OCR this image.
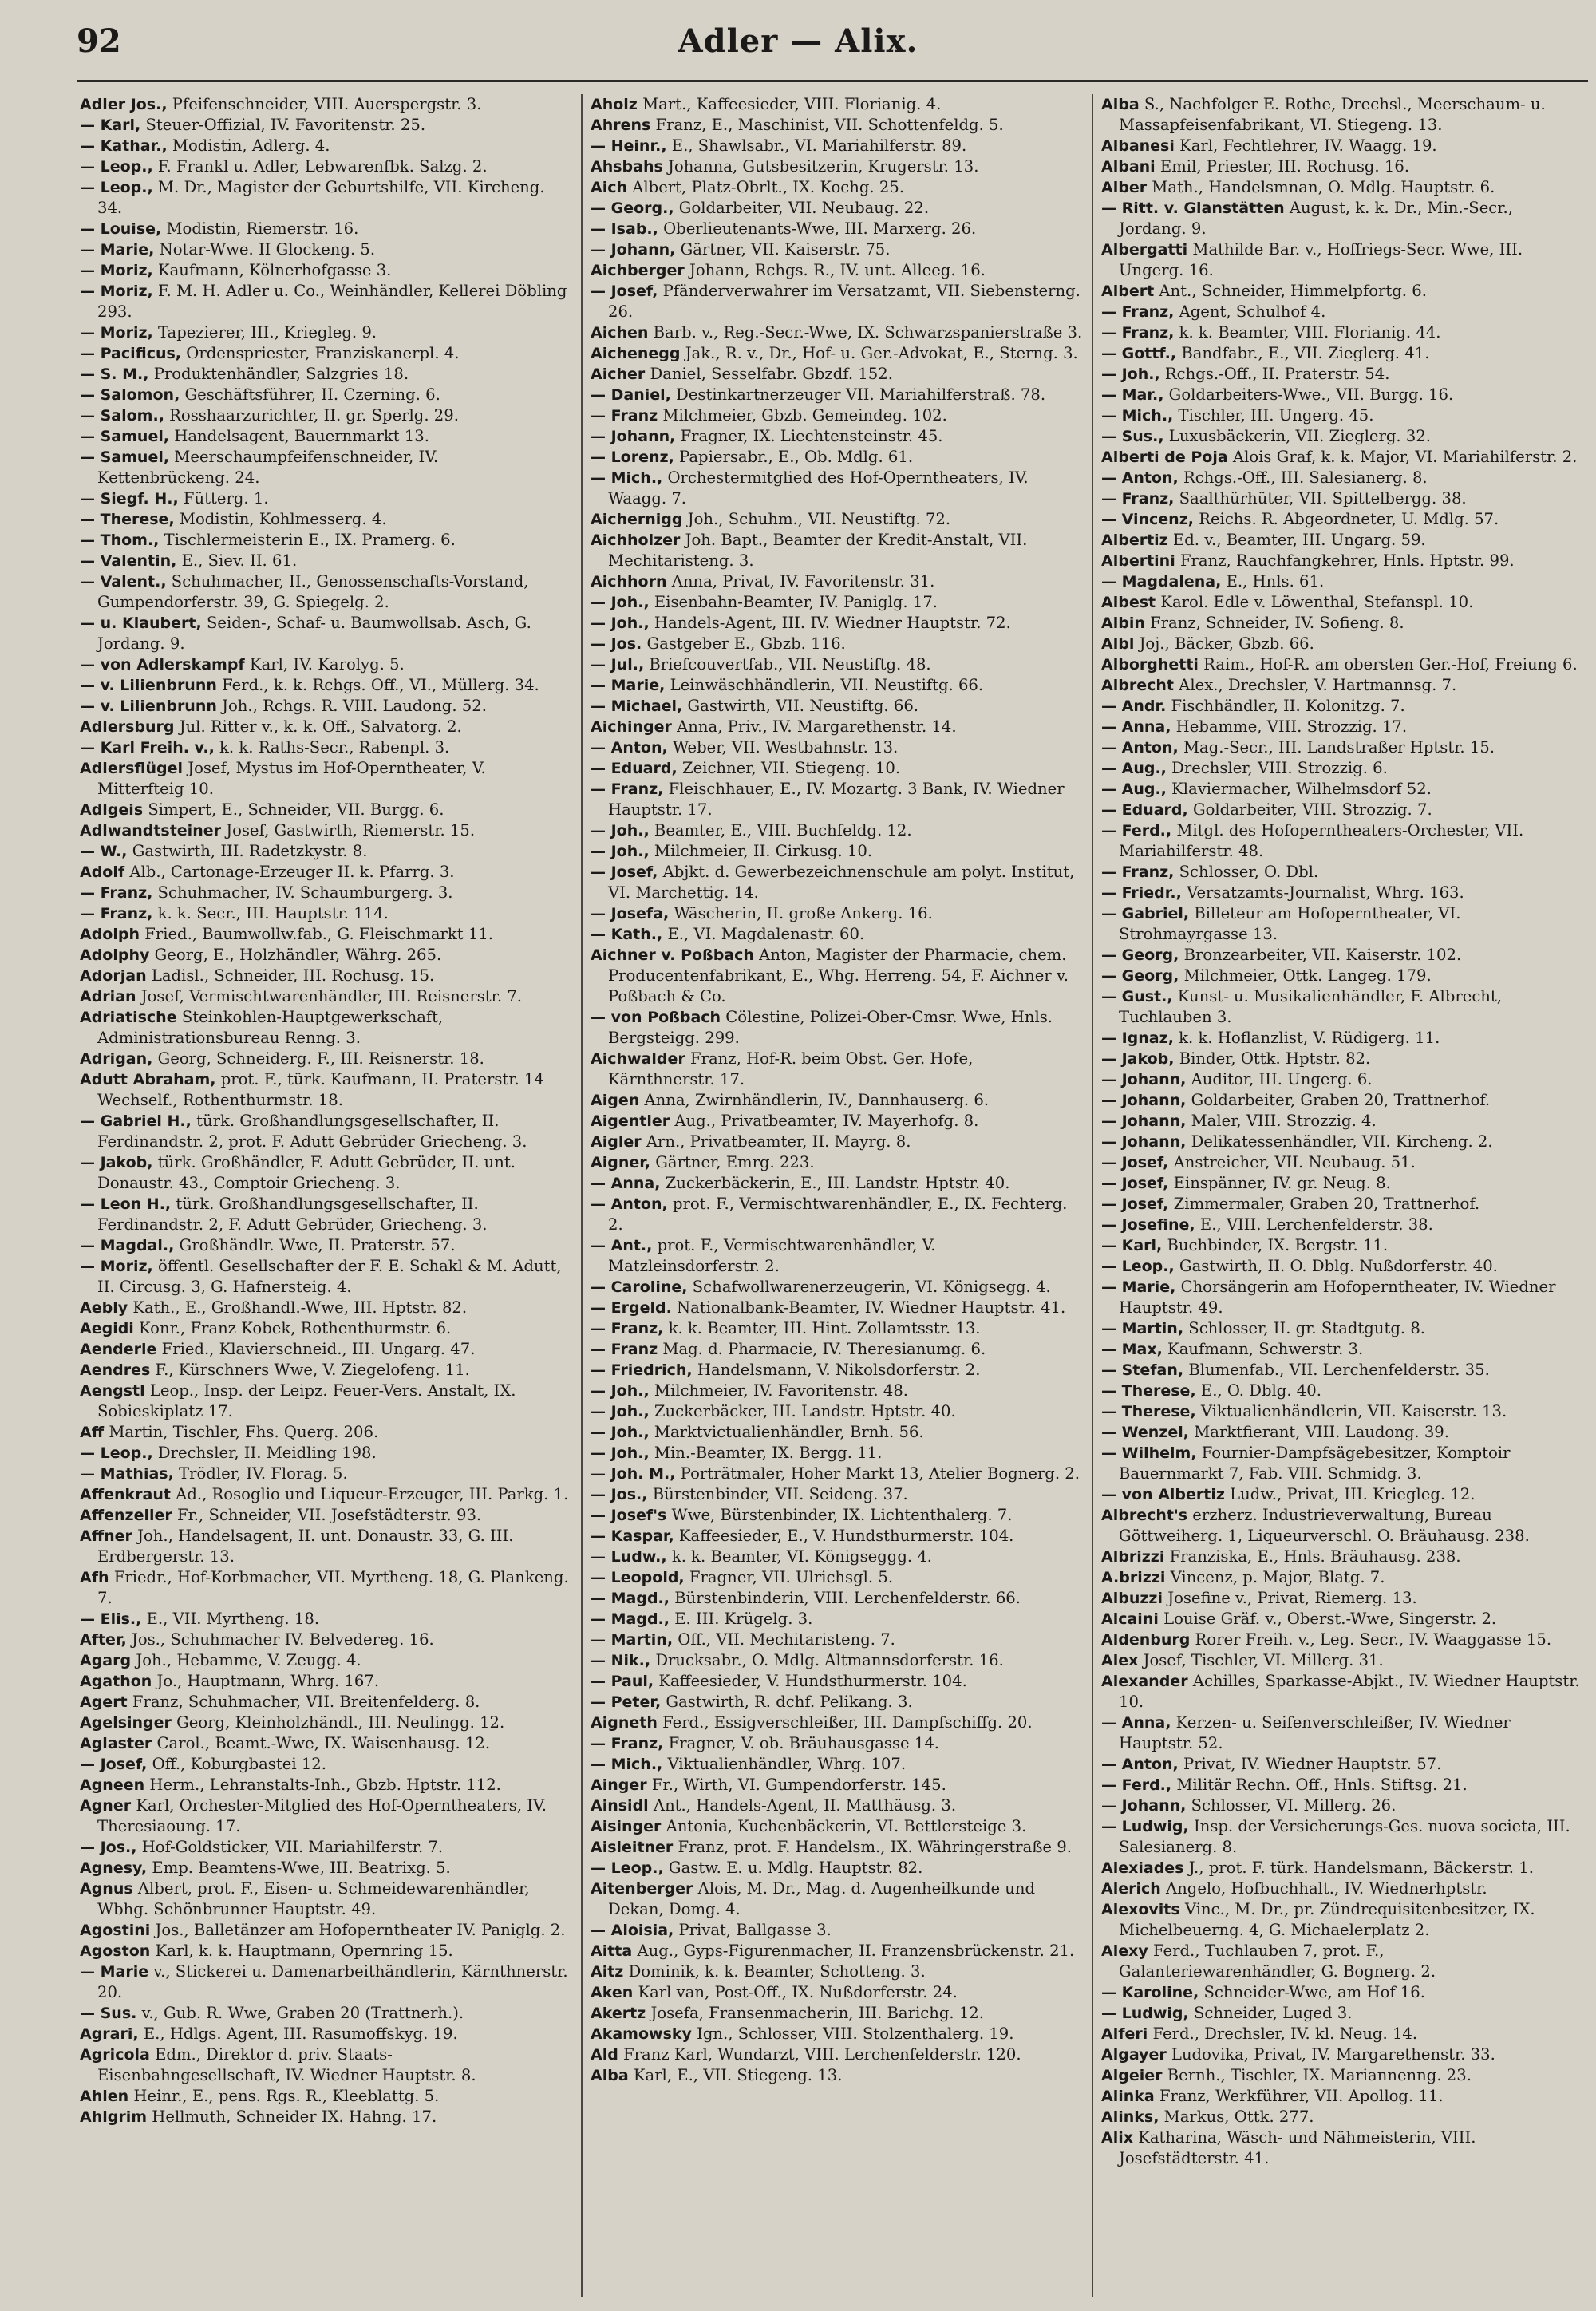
92	Adler — Alix.
Adler Jos., Pfeifenschneider, VIII. Auerspergstr. 3.
— Karl, Steuer-Offizial, IV. Favoritenstr. 25.
— Kathar., Modistin, Adlerg. 4.
— Leop., F. Frankl u. Adler, Lebwarenfbk. Salzg. 2.
— Leop., M. Dr., Magister der Geburtshilfe, VII. Kircheng. 34.
— Louise, Modistin, Riemerstr. 16.
— Marie, Notar-Wwe. II Glockeng. 5.
— Moriz, Kaufmann, Kölnerhofgasse 3.
— Moriz, F. M. H. Adler u. Co., Weinhändler, Kellerei Döbling 293.
— Moriz, Tapezierer, III., Kriegleg. 9.
— Pacificus, Ordenspriester, Franziskanerpl. 4.
— S. M., Produktenhändler, Salzgries 18.
— Salomon, Geschäftsführer, II. Czerning. 6.
— Salom., Rosshaarzurichter, II. gr. Sperlg. 29.
— Samuel, Handelsagent, Bauernmarkt 13.
— Samuel, Meerschaumpfeifenschneider, IV. Kettenbrückeng. 24.
— Siegf. H., Fütterg. 1.
— Therese, Modistin, Kohlmesserg. 4.
— Thom., Tischlermeisterin E., IX. Pramerg. 6.
— Valentin, E., Siev. II. 61.
— Valent., Schuhmacher, II., Genossenschafts-Vorstand, Gumpendorferstr. 39, G. Spiegelg. 2.
— u. Klaubert, Seiden-, Schaf- u. Baumwollsab. Asch, G. Jordang. 9.
— von Adlerskampf Karl, IV. Karolyg. 5.
— v. Lilienbrunn Ferd., k. k. Rchgs. Off., VI., Müllerg. 34.
— v. Lilienbrunn Joh., Rchgs. R. VIII. Laudong. 52.
Adlersburg Jul. Ritter v., k. k. Off., Salvatorg. 2.
— Karl Freih. v., k. k. Raths-Secr., Rabenpl. 3.
Adlersflügel Josef, Mystus im Hof-Operntheater, V. Mitterfteig 10.
Adlgeis Simpert, E., Schneider, VII. Burgg. 6.
Adlwandtsteiner Josef, Gastwirth, Riemerstr. 15.
— W., Gastwirth, III. Radetzkystr. 8.
Adolf Alb., Cartonage-Erzeuger II. k. Pfarrg. 3.
— Franz, Schuhmacher, IV. Schaumburgerg. 3.
— Franz, k. k. Secr., III. Hauptstr. 114.
Adolph Fried., Baumwollw.fab., G. Fleischmarkt 11.
Adolphy Georg, E., Holzhändler, Währg. 265.
Adorjan Ladisl., Schneider, III. Rochusg. 15.
Adrian Josef, Vermischtwarenhändler, III. Reisnerstr. 7.
Adriatische Steinkohlen-Hauptgewerkschaft, Administrationsbureau Renng. 3.
Adrigan, Georg, Schneiderg. F., III. Reisnerstr. 18.
Adutt Abraham, prot. F., türk. Kaufmann, II. Praterstr. 14 Wechself., Rothenthurmstr. 18.
— Gabriel H., türk. Großhandlungsgesellschafter, II. Ferdinandstr. 2, prot. F. Adutt Gebrüder Griecheng. 3.
— Jakob, türk. Großhändler, F. Adutt Gebrüder, II. unt. Donaustr. 43., Comptoir Griecheng. 3.
— Leon H., türk. Großhandlungsgesellschafter, II. Ferdinandstr. 2, F. Adutt Gebrüder, Griecheng. 3.
— Magdal., Großhändlr. Wwe, II. Praterstr. 57.
— Moriz, öffentl. Gesellschafter der F. E. Schakl & M. Adutt, II. Circusg. 3, G. Hafnersteig. 4.
Aebly Kath., E., Großhandl.-Wwe, III. Hptstr. 82.
Aegidi Konr., Franz Kobek, Rothenthurmstr. 6.
Aenderle Fried., Klavierschneid., III. Ungarg. 47.
Aendres F., Kürschners Wwe, V. Ziegelofeng. 11.
Aengstl Leop., Insp. der Leipz. Feuer-Vers. Anstalt, IX. Sobieskiplatz 17.
Aff Martin, Tischler, Fhs. Querg. 206.
— Leop., Drechsler, II. Meidling 198.
— Mathias, Trödler, IV. Florag. 5.
Affenkraut Ad., Rosoglio und Liqueur-Erzeuger, III. Parkg. 1.
Affenzeller Fr., Schneider, VII. Josefstädterstr. 93.
Affner Joh., Handelsagent, II. unt. Donaustr. 33, G. III. Erdbergerstr. 13.
Afh Friedr., Hof-Korbmacher, VII. Myrtheng. 18, G. Plankeng. 7.
— Elis., E., VII. Myrtheng. 18.
After, Jos., Schuhmacher IV. Belvedereg. 16.
Agarg Joh., Hebamme, V. Zeugg. 4.
Agathon Jo., Hauptmann, Whrg. 167.
Agert Franz, Schuhmacher, VII. Breitenfelderg. 8.
Agelsinger Georg, Kleinholzhändl., III. Neulingg. 12.
Aglaster Carol., Beamt.-Wwe, IX. Waisenhausg. 12.
— Josef, Off., Koburgbastei 12.
Agneen Herm., Lehranstalts-Inh., Gbzb. Hptstr. 112.
Agner Karl, Orchester-Mitglied des Hof-Operntheaters, IV. Theresiaoung. 17.
— Jos., Hof-Goldsticker, VII. Mariahilferstr. 7.
Agnesy, Emp. Beamtens-Wwe, III. Beatrixg. 5.
Agnus Albert, prot. F., Eisen- u. Schmeidewarenhändler, Wbhg. Schönbrunner Hauptstr. 49.
Agostini Jos., Balletänzer am Hofoperntheater IV. Paniglg. 2.
Agoston Karl, k. k. Hauptmann, Opernring 15.
— Marie v., Stickerei u. Damenarbeithändlerin, Kärnthnerstr. 20.
— Sus. v., Gub. R. Wwe, Graben 20 (Trattnerh.).
Agrari, E., Hdlgs. Agent, III. Rasumoffskyg. 19.
Agricola Edm., Direktor d. priv. Staats-Eisenbahngesellschaft, IV. Wiedner Hauptstr. 8.
Ahlen Heinr., E., pens. Rgs. R., Kleeblattg. 5.
Ahlgrim Hellmuth, Schneider IX. Hahng. 17.
Aholz Mart., Kaffeesieder, VIII. Florianig. 4.
Ahrens Franz, E., Maschinist, VII. Schottenfeldg. 5.
— Heinr., E., Shawlsabr., VI. Mariahilferstr. 89.
Ahsbahs Johanna, Gutsbesitzerin, Krugerstr. 13.
Aich Albert, Platz-Obrlt., IX. Kochg. 25.
— Georg., Goldarbeiter, VII. Neubaug. 22.
— Isab., Oberlieutenants-Wwe, III. Marxerg. 26.
— Johann, Gärtner, VII. Kaiserstr. 75.
Aichberger Johann, Rchgs. R., IV. unt. Alleeg. 16.
— Josef, Pfänderverwahrer im Versatzamt, VII. Siebensterng. 26.
Aichen Barb. v., Reg.-Secr.-Wwe, IX. Schwarzspanierstraße 3.
Aichenegg Jak., R. v., Dr., Hof- u. Ger.-Advokat, E., Sterng. 3.
Aicher Daniel, Sesselfabr. Gbzdf. 152.
— Daniel, Destinkartnerzeuger VII. Mariahilferstraß. 78.
— Franz Milchmeier, Gbzb. Gemeindeg. 102.
— Johann, Fragner, IX. Liechtensteinstr. 45.
— Lorenz, Papiersabr., E., Ob. Mdlg. 61.
— Mich., Orchestermitglied des Hof-Operntheaters, IV. Waagg. 7.
Aichernigg Joh., Schuhm., VII. Neustiftg. 72.
Aichholzer Joh. Bapt., Beamter der Kredit-Anstalt, VII. Mechitaristeng. 3.
Aichhorn Anna, Privat, IV. Favoritenstr. 31.
— Joh., Eisenbahn-Beamter, IV. Paniglg. 17.
— Joh., Handels-Agent, III. IV. Wiedner Hauptstr. 72.
— Jos. Gastgeber E., Gbzb. 116.
— Jul., Briefcouvertfab., VII. Neustiftg. 48.
— Marie, Leinwäschhändlerin, VII. Neustiftg. 66.
— Michael, Gastwirth, VII. Neustiftg. 66.
Aichinger Anna, Priv., IV. Margarethenstr. 14.
— Anton, Weber, VII. Westbahnstr. 13.
— Eduard, Zeichner, VII. Stiegeng. 10.
— Franz, Fleischhauer, E., IV. Mozartg. 3 Bank, IV. Wiedner Hauptstr. 17.
— Joh., Beamter, E., VIII. Buchfeldg. 12.
— Joh., Milchmeier, II. Cirkusg. 10.
— Josef, Abjkt. d. Gewerbezeichnenschule am polyt. Institut, VI. Marchettig. 14.
— Josefa, Wäscherin, II. große Ankerg. 16.
— Kath., E., VI. Magdalenastr. 60.
Aichner v. Poßbach Anton, Magister der Pharmacie, chem. Producentenfabrikant, E., Whg. Herreng. 54, F. Aichner v. Poßbach & Co.
— von Poßbach Cölestine, Polizei-Ober-Cmsr. Wwe, Hnls. Bergsteigg. 299.
Aichwalder Franz, Hof-R. beim Obst. Ger. Hofe, Kärnthnerstr. 17.
Aigen Anna, Zwirnhändlerin, IV., Dannhauserg. 6.
Aigentler Aug., Privatbeamter, IV. Mayerhofg. 8.
Aigler Arn., Privatbeamter, II. Mayrg. 8.
Aigner, Gärtner, Emrg. 223.
— Anna, Zuckerbäckerin, E., III. Landstr. Hptstr. 40.
— Anton, prot. F., Vermischtwarenhändler, E., IX. Fechterg. 2.
— Ant., prot. F., Vermischtwarenhändler, V. Matzleinsdorferstr. 2.
— Caroline, Schafwollwarenerzeugerin, VI. Königsegg. 4.
— Ergeld. Nationalbank-Beamter, IV. Wiedner Hauptstr. 41.
— Franz, k. k. Beamter, III. Hint. Zollamtsstr. 13.
— Franz Mag. d. Pharmacie, IV. Theresianumg. 6.
— Friedrich, Handelsmann, V. Nikolsdorferstr. 2.
— Joh., Milchmeier, IV. Favoritenstr. 48.
— Joh., Zuckerbäcker, III. Landstr. Hptstr. 40.
— Joh., Marktvictualienhändler, Brnh. 56.
— Joh., Min.-Beamter, IX. Bergg. 11.
— Joh. M., Porträtmaler, Hoher Markt 13, Atelier Bognerg. 2.
— Jos., Bürstenbinder, VII. Seideng. 37.
— Josef's Wwe, Bürstenbinder, IX. Lichtenthalerg. 7.
— Kaspar, Kaffeesieder, E., V. Hundsthurmerstr. 104.
— Ludw., k. k. Beamter, VI. Königseggg. 4.
— Leopold, Fragner, VII. Ulrichsgl. 5.
— Magd., Bürstenbinderin, VIII. Lerchenfelderstr. 66.
— Magd., E. III. Krügelg. 3.
— Martin, Off., VII. Mechitaristeng. 7.
— Nik., Drucksabr., O. Mdlg. Altmannsdorferstr. 16.
— Paul, Kaffeesieder, V. Hundsthurmerstr. 104.
— Peter, Gastwirth, R. dchf. Pelikang. 3.
Aigneth Ferd., Essigverschleißer, III. Dampfschiffg. 20.
— Franz, Fragner, V. ob. Bräuhausgasse 14.
— Mich., Viktualienhändler, Whrg. 107.
Ainger Fr., Wirth, VI. Gumpendorferstr. 145.
Ainsidl Ant., Handels-Agent, II. Matthäusg. 3.
Aisinger Antonia, Kuchenbäckerin, VI. Bettlersteige 3.
Aisleitner Franz, prot. F. Handelsm., IX. Währingerstraße 9.
— Leop., Gastw. E. u. Mdlg. Hauptstr. 82.
Aitenberger Alois, M. Dr., Mag. d. Augenheilkunde und Dekan, Domg. 4.
— Aloisia, Privat, Ballgasse 3.
Aitta Aug., Gyps-Figurenmacher, II. Franzensbrückenstr. 21.
Aitz Dominik, k. k. Beamter, Schotteng. 3.
Aken Karl van, Post-Off., IX. Nußdorferstr. 24.
Akertz Josefa, Fransenmacherin, III. Barichg. 12.
Akamowsky Ign., Schlosser, VIII. Stolzenthalerg. 19.
Ald Franz Karl, Wundarzt, VIII. Lerchenfelderstr. 120.
Alba Karl, E., VII. Stiegeng. 13.
Alba S., Nachfolger E. Rothe, Drechsl., Meerschaum- u. Massapfeisenfabrikant, VI. Stiegeng. 13.
Albanesi Karl, Fechtlehrer, IV. Waagg. 19.
Albani Emil, Priester, III. Rochusg. 16.
Alber Math., Handelsmnan, O. Mdlg. Hauptstr. 6.
— Ritt. v. Glanstätten August, k. k. Dr., Min.-Secr., Jordang. 9.
Albergatti Mathilde Bar. v., Hoffriegs-Secr. Wwe, III. Ungerg. 16.
Albert Ant., Schneider, Himmelpfortg. 6.
— Franz, Agent, Schulhof 4.
— Franz, k. k. Beamter, VIII. Florianig. 44.
— Gottf., Bandfabr., E., VII. Zieglerg. 41.
— Joh., Rchgs.-Off., II. Praterstr. 54.
— Mar., Goldarbeiters-Wwe., VII. Burgg. 16.
— Mich., Tischler, III. Ungerg. 45.
— Sus., Luxusbäckerin, VII. Zieglerg. 32.
Alberti de Poja Alois Graf, k. k. Major, VI. Mariahilferstr. 2.
— Anton, Rchgs.-Off., III. Salesianerg. 8.
— Franz, Saalthürhüter, VII. Spittelbergg. 38.
— Vincenz, Reichs. R. Abgeordneter, U. Mdlg. 57.
Albertiz Ed. v., Beamter, III. Ungarg. 59.
Albertini Franz, Rauchfangkehrer, Hnls. Hptstr. 99.
— Magdalena, E., Hnls. 61.
Albest Karol. Edle v. Löwenthal, Stefanspl. 10.
Albin Franz, Schneider, IV. Sofieng. 8.
Albl Joj., Bäcker, Gbzb. 66.
Alborghetti Raim., Hof-R. am obersten Ger.-Hof, Freiung 6.
Albrecht Alex., Drechsler, V. Hartmannsg. 7.
— Andr. Fischhändler, II. Kolonitzg. 7.
— Anna, Hebamme, VIII. Strozzig. 17.
— Anton, Mag.-Secr., III. Landstraßer Hptstr. 15.
— Aug., Drechsler, VIII. Strozzig. 6.
— Aug., Klaviermacher, Wilhelmsdorf 52.
— Eduard, Goldarbeiter, VIII. Strozzig. 7.
— Ferd., Mitgl. des Hofoperntheaters-Orchester, VII. Mariahilferstr. 48.
— Franz, Schlosser, O. Dbl.
— Friedr., Versatzamts-Journalist, Whrg. 163.
— Gabriel, Billeteur am Hofoperntheater, VI. Strohmayrgasse 13.
— Georg, Bronzearbeiter, VII. Kaiserstr. 102.
— Georg, Milchmeier, Ottk. Langeg. 179.
— Gust., Kunst- u. Musikalienhändler, F. Albrecht, Tuchlauben 3.
— Ignaz, k. k. Hoflanzlist, V. Rüdigerg. 11.
— Jakob, Binder, Ottk. Hptstr. 82.
— Johann, Auditor, III. Ungerg. 6.
— Johann, Goldarbeiter, Graben 20, Trattnerhof.
— Johann, Maler, VIII. Strozzig. 4.
— Johann, Delikatessenhändler, VII. Kircheng. 2.
— Josef, Anstreicher, VII. Neubaug. 51.
— Josef, Einspänner, IV. gr. Neug. 8.
— Josef, Zimmermaler, Graben 20, Trattnerhof.
— Josefine, E., VIII. Lerchenfelderstr. 38.
— Karl, Buchbinder, IX. Bergstr. 11.
— Leop., Gastwirth, II. O. Dblg. Nußdorferstr. 40.
— Marie, Chorsängerin am Hofoperntheater, IV. Wiedner Hauptstr. 49.
— Martin, Schlosser, II. gr. Stadtgutg. 8.
— Max, Kaufmann, Schwerstr. 3.
— Stefan, Blumenfab., VII. Lerchenfelderstr. 35.
— Therese, E., O. Dblg. 40.
— Therese, Viktualienhändlerin, VII. Kaiserstr. 13.
— Wenzel, Marktfierant, VIII. Laudong. 39.
— Wilhelm, Fournier-Dampfsägebesitzer, Komptoir Bauernmarkt 7, Fab. VIII. Schmidg. 3.
— von Albertiz Ludw., Privat, III. Kriegleg. 12.
Albrecht's erzherz. Industrieverwaltung, Bureau Göttweiherg. 1, Liqueurverschl. O. Bräuhausg. 238.
Albrizzi Franziska, E., Hnls. Bräuhausg. 238.
A.brizzi Vincenz, p. Major, Blatg. 7.
Albuzzi Josefine v., Privat, Riemerg. 13.
Alcaini Louise Gräf. v., Oberst.-Wwe, Singerstr. 2.
Aldenburg Rorer Freih. v., Leg. Secr., IV. Waaggasse 15.
Alex Josef, Tischler, VI. Millerg. 31.
Alexander Achilles, Sparkasse-Abjkt., IV. Wiedner Hauptstr. 10.
— Anna, Kerzen- u. Seifenverschleißer, IV. Wiedner Hauptstr. 52.
— Anton, Privat, IV. Wiedner Hauptstr. 57.
— Ferd., Militär Rechn. Off., Hnls. Stiftsg. 21.
— Johann, Schlosser, VI. Millerg. 26.
— Ludwig, Insp. der Versicherungs-Ges. nuova societa, III. Salesianerg. 8.
Alexiades J., prot. F. türk. Handelsmann, Bäckerstr. 1.
Alerich Angelo, Hofbuchhalt., IV. Wiednerhptstr.
Alexovits Vinc., M. Dr., pr. Zündrequisitenbesitzer, IX. Michelbeuerng. 4, G. Michaelerplatz 2.
Alexy Ferd., Tuchlauben 7, prot. F., Galanteriewarenhändler, G. Bognerg. 2.
— Karoline, Schneider-Wwe, am Hof 16.
— Ludwig, Schneider, Luged 3.
Alferi Ferd., Drechsler, IV. kl. Neug. 14.
Algayer Ludovika, Privat, IV. Margarethenstr. 33.
Algeier Bernh., Tischler, IX. Mariannenng. 23.
Alinka Franz, Werkführer, VII. Apollog. 11.
Alinks, Markus, Ottk. 277.
Alix Katharina, Wäsch- und Nähmeisterin, VIII. Josefstädterstr. 41.
